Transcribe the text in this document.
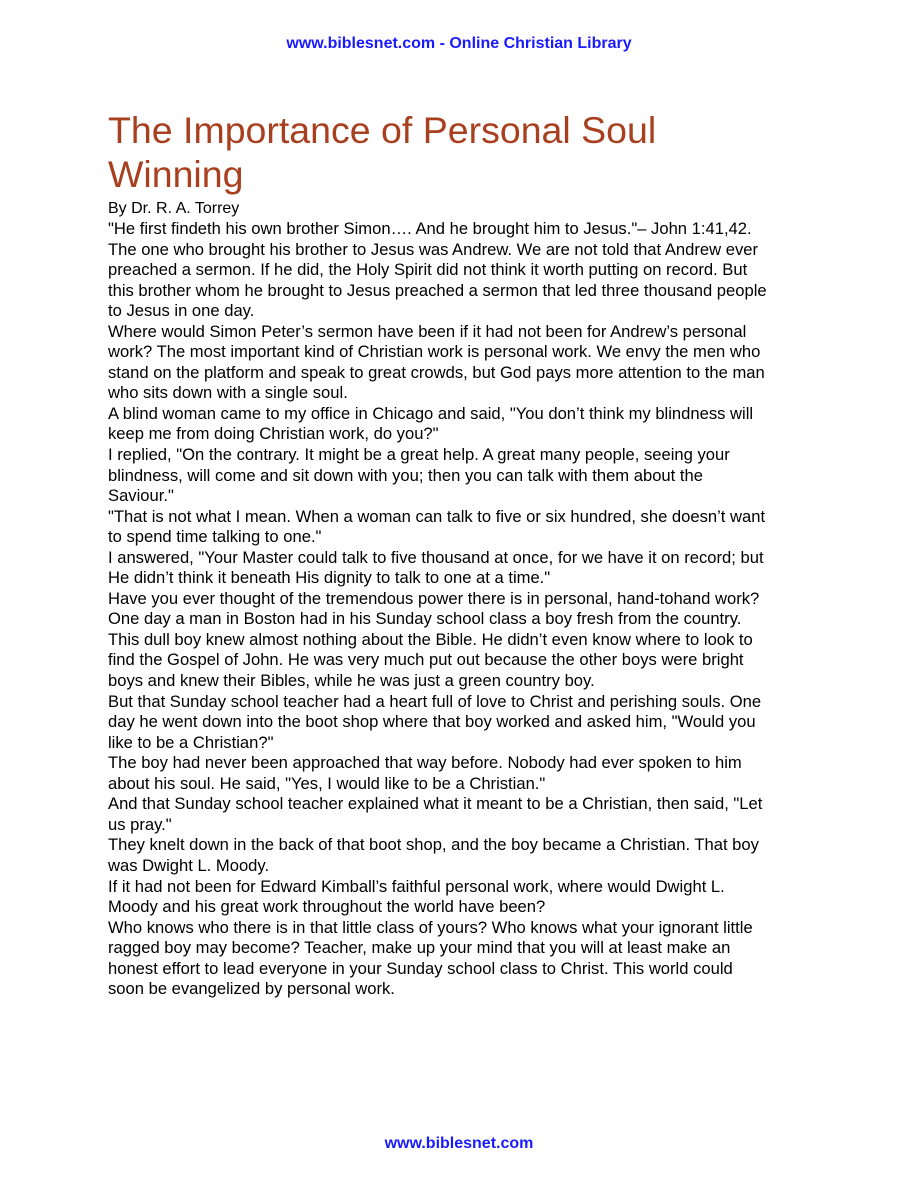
www.biblesnet.com - Online Christian Library
The Importance of Personal Soul Winning
By Dr. R. A. Torrey

"He first findeth his own brother Simon…. And he brought him to Jesus."– John 1:41,42.

The one who brought his brother to Jesus was Andrew. We are not told that Andrew ever preached a sermon. If he did, the Holy Spirit did not think it worth putting on record. But this brother whom he brought to Jesus preached a sermon that led three thousand people to Jesus in one day.

Where would Simon Peter’s sermon have been if it had not been for Andrew’s personal work? The most important kind of Christian work is personal work. We envy the men who stand on the platform and speak to great crowds, but God pays more attention to the man who sits down with a single soul.

A blind woman came to my office in Chicago and said, "You don’t think my blindness will keep me from doing Christian work, do you?"

I replied, "On the contrary. It might be a great help. A great many people, seeing your blindness, will come and sit down with you; then you can talk with them about the Saviour."

"That is not what I mean. When a woman can talk to five or six hundred, she doesn’t want to spend time talking to one."

I answered, "Your Master could talk to five thousand at once, for we have it on record; but He didn’t think it beneath His dignity to talk to one at a time."

Have you ever thought of the tremendous power there is in personal, hand-tohand work?

One day a man in Boston had in his Sunday school class a boy fresh from the country. This dull boy knew almost nothing about the Bible. He didn’t even know where to look to find the Gospel of John. He was very much put out because the other boys were bright boys and knew their Bibles, while he was just a green country boy.

But that Sunday school teacher had a heart full of love to Christ and perishing souls. One day he went down into the boot shop where that boy worked and asked him, "Would you like to be a Christian?"

The boy had never been approached that way before. Nobody had ever spoken to him about his soul. He said, "Yes, I would like to be a Christian."

And that Sunday school teacher explained what it meant to be a Christian, then said, "Let us pray."

They knelt down in the back of that boot shop, and the boy became a Christian. That boy was Dwight L. Moody.

If it had not been for Edward Kimball’s faithful personal work, where would Dwight L. Moody and his great work throughout the world have been?

Who knows who there is in that little class of yours? Who knows what your ignorant little ragged boy may become? Teacher, make up your mind that you will at least make an honest effort to lead everyone in your Sunday school class to Christ. This world could soon be evangelized by personal work.

www.biblesnet.com
